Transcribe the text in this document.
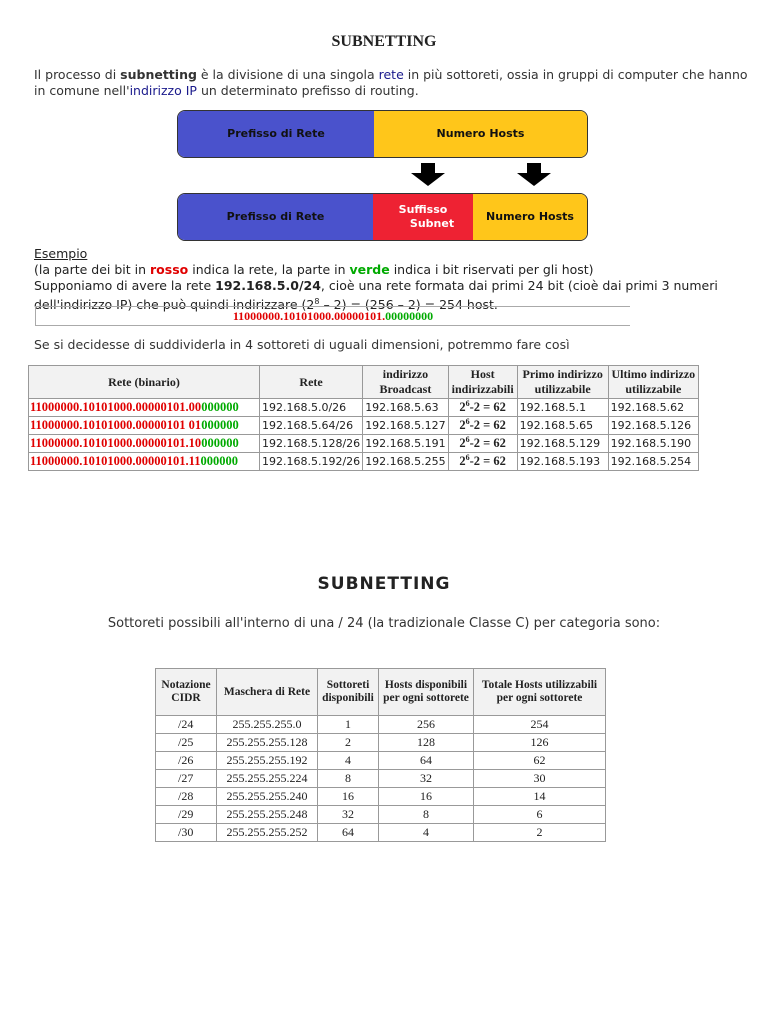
SUBNETTING
Il processo di subnetting è la divisione di una singola rete in più sottoreti, ossia in gruppi di computer che hanno in comune nell'indirizzo IP un determinato prefisso di routing.
Prefisso di Rete	Numero Hosts
Prefisso di Rete
Suffisso
Subnet
Numero Hosts
Esempio
(la parte dei bit in rosso indica la rete, la parte in verde indica i bit riservati per gli host)
Supponiamo di avere la rete 192.168.5.0/24, cioè una rete formata dai primi 24 bit (cioè dai primi 3 numeri dell'indirizzo IP) che può quindi indirizzare $(2^8 - 2) = (256 - 2) = 254$ host.
11000000.10101000.00000101.00000000
Se si decidesse di suddividerla in 4 sottoreti di uguali dimensioni, potremmo fare così
Rete (binario)	Rete	indirizzo Broadcast	Host indirizzabili	Primo indirizzo utilizzabile	Ultimo indirizzo utilizzabile
11000000.10101000.00000101.00000000	192.168.5.0/26	192.168.5.63	$2^6-2 = 62$	192.168.5.1	192.168.5.62
11000000.10101000.00000101 01000000	192.168.5.64/26	192.168.5.127	$2^6-2 = 62$	192.168.5.65	192.168.5.126
11000000.10101000.00000101.10000000	192.168.5.128/26	192.168.5.191	$2^6-2 = 62$	192.168.5.129	192.168.5.190
11000000.10101000.00000101.11000000	192.168.5.192/26	192.168.5.255	$2^6-2 = 62$	192.168.5.193	192.168.5.254
SUBNETTING
Sottoreti possibili all'interno di una / 24 (la tradizionale Classe C) per categoria sono:
Notazione CIDR	Maschera di Rete	Sottoreti disponibili	Hosts disponibili per ogni sottorete	Totale Hosts utilizzabili per ogni sottorete
/24	255.255.255.0	1	256	254
/25	255.255.255.128	2	128	126
/26	255.255.255.192	4	64	62
/27	255.255.255.224	8	32	30
/28	255.255.255.240	16	16	14
/29	255.255.255.248	32	8	6
/30	255.255.255.252	64	4	2
